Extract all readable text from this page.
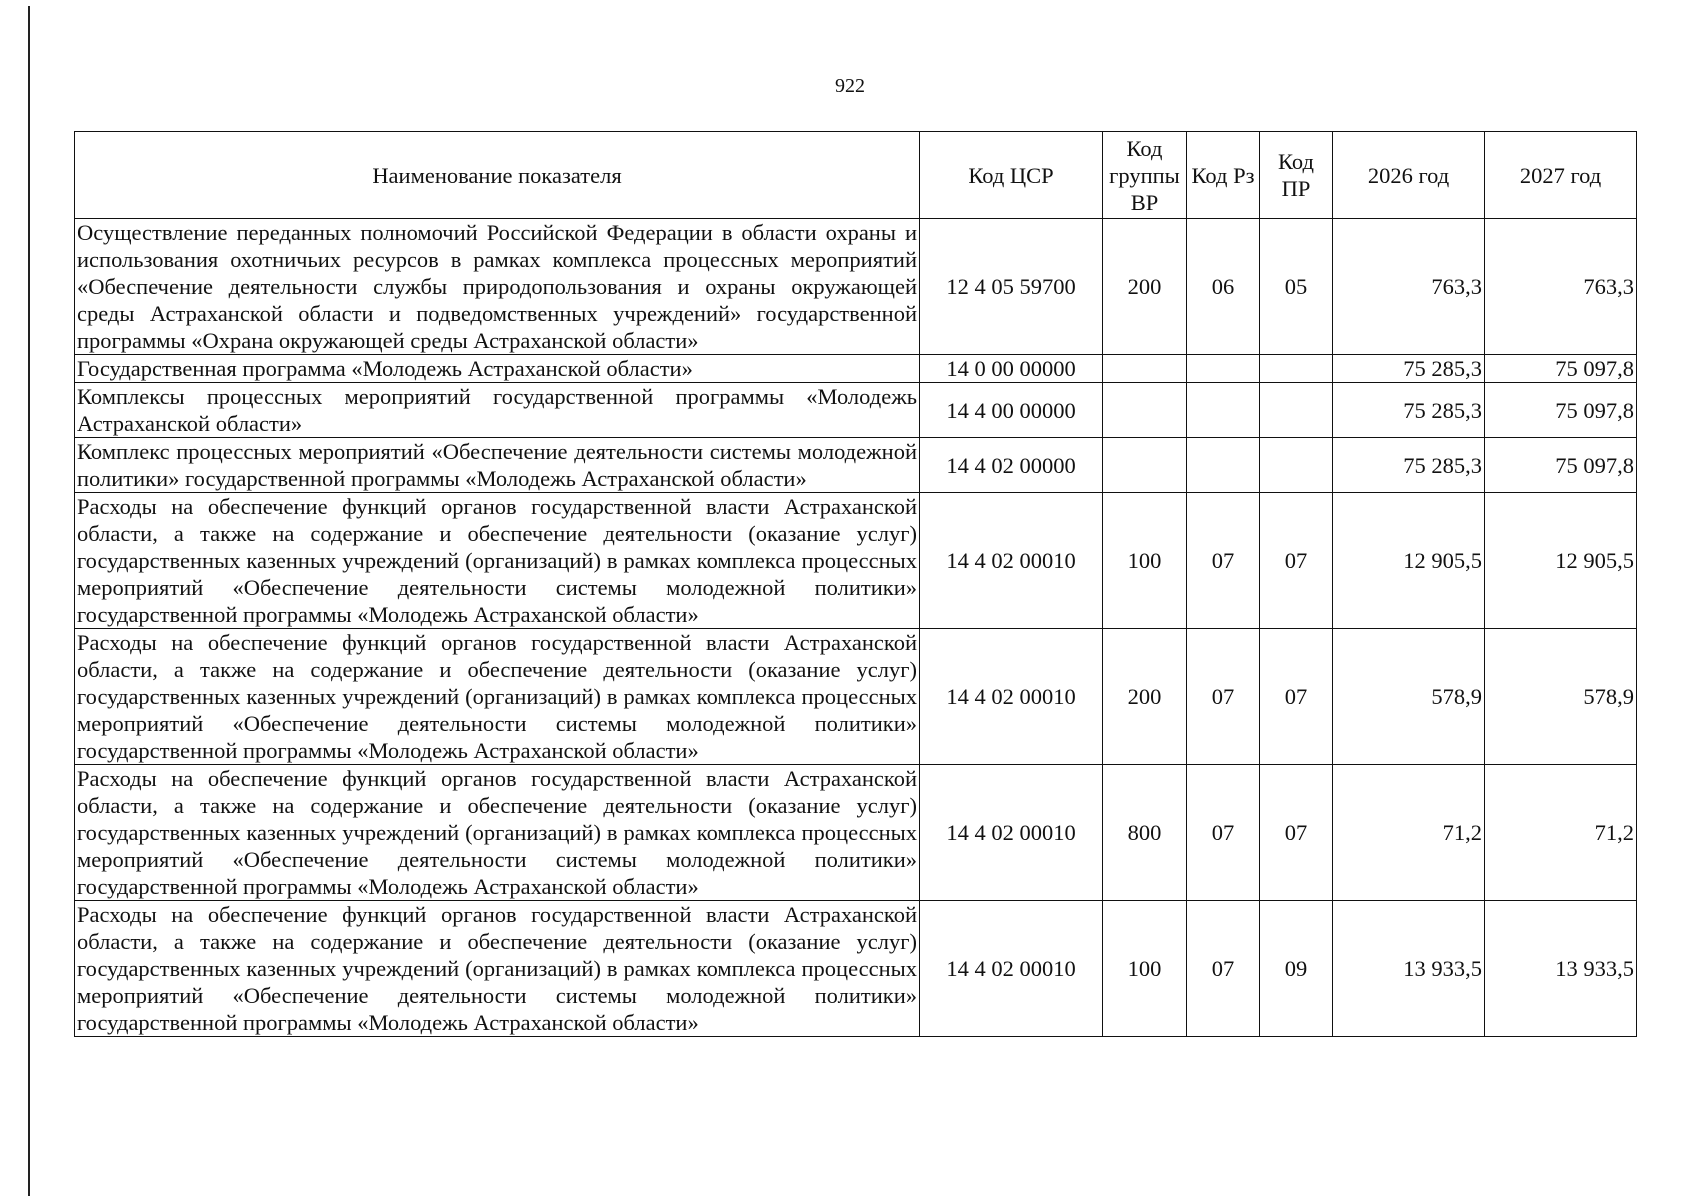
922
Наименование показателя	Код ЦСР	Код группы ВР	Код Рз	Код ПР	2026 год	2027 год
Осуществление переданных полномочий Российской Федерации в области охраны и использования охотничьих ресурсов в рамках комплекса процессных мероприятий «Обеспечение деятельности службы природопользования и охраны окружающей среды Астраханской области и подведомственных учреждений» государственной программы «Охрана окружающей среды Астраханской области»	12 4 05 59700	200	06	05	763,3	763,3
Государственная программа «Молодежь Астраханской области»	14 0 00 00000				75 285,3	75 097,8
Комплексы процессных мероприятий государственной программы «Молодежь Астраханской области»	14 4 00 00000				75 285,3	75 097,8
Комплекс процессных мероприятий «Обеспечение деятельности системы молодежной политики» государственной программы «Молодежь Астраханской области»	14 4 02 00000				75 285,3	75 097,8
Расходы на обеспечение функций органов государственной власти Астраханской области, а также на содержание и обеспечение деятельности (оказание услуг) государственных казенных учреждений (организаций) в рамках комплекса процессных мероприятий «Обеспечение деятельности системы молодежной политики» государственной программы «Молодежь Астраханской области»	14 4 02 00010	100	07	07	12 905,5	12 905,5
Расходы на обеспечение функций органов государственной власти Астраханской области, а также на содержание и обеспечение деятельности (оказание услуг) государственных казенных учреждений (организаций) в рамках комплекса процессных мероприятий «Обеспечение деятельности системы молодежной политики» государственной программы «Молодежь Астраханской области»	14 4 02 00010	200	07	07	578,9	578,9
Расходы на обеспечение функций органов государственной власти Астраханской области, а также на содержание и обеспечение деятельности (оказание услуг) государственных казенных учреждений (организаций) в рамках комплекса процессных мероприятий «Обеспечение деятельности системы молодежной политики» государственной программы «Молодежь Астраханской области»	14 4 02 00010	800	07	07	71,2	71,2
Расходы на обеспечение функций органов государственной власти Астраханской области, а также на содержание и обеспечение деятельности (оказание услуг) государственных казенных учреждений (организаций) в рамках комплекса процессных мероприятий «Обеспечение деятельности системы молодежной политики» государственной программы «Молодежь Астраханской области»	14 4 02 00010	100	07	09	13 933,5	13 933,5
